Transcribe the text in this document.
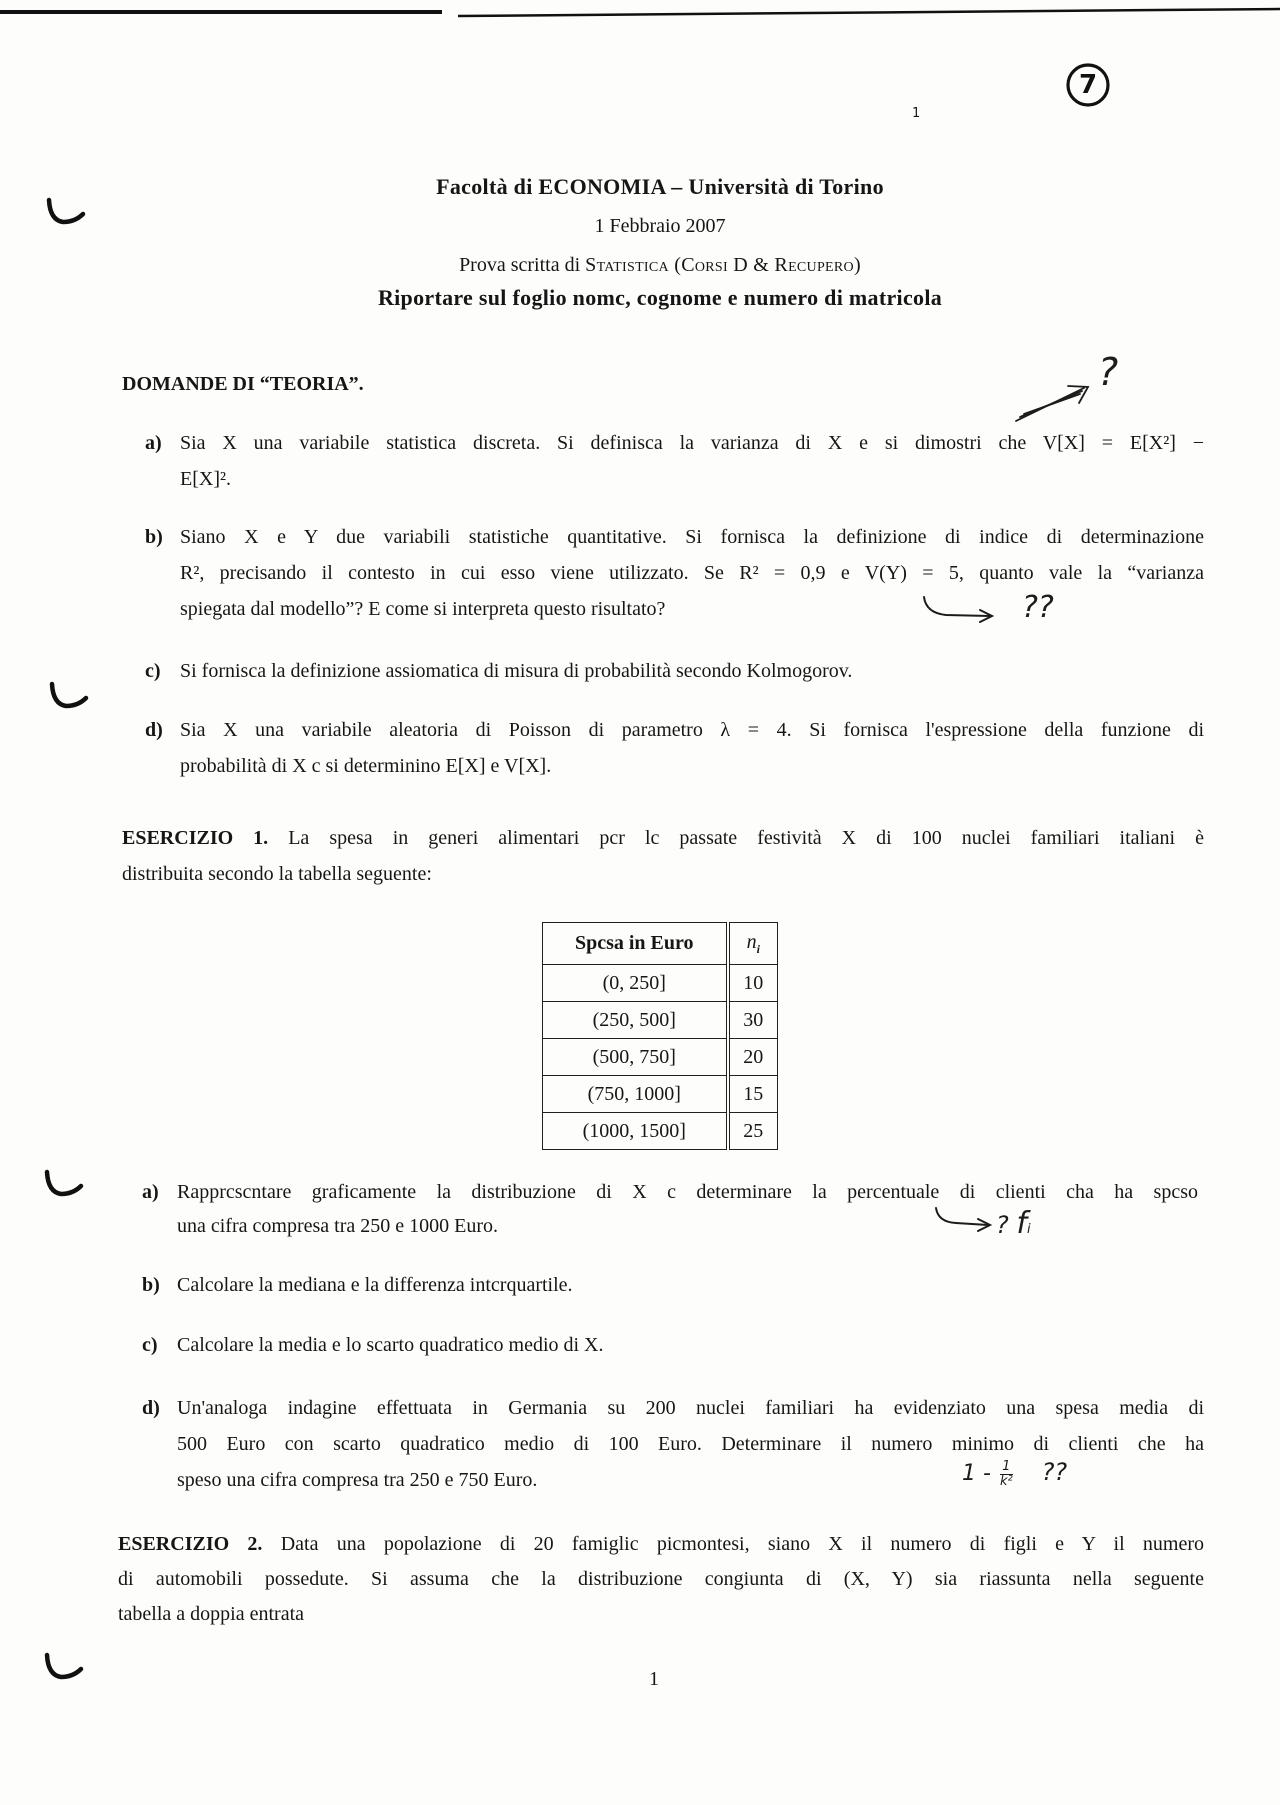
7
1
Facoltà di ECONOMIA – Università di Torino
1 Febbraio 2007
Prova scritta di Statistica (Corsi D & Recupero)
Riportare sul foglio nomc, cognome e numero di matricola
DOMANDE DI “TEORIA”.	?
a) Sia X una variabile statistica discreta. Si definisca la varianza di X e si dimostri che V[X] = E[X²] −
E[X]².
b) Siano X e Y due variabili statistiche quantitative. Si fornisca la definizione di indice di determinazione
R², precisando il contesto in cui esso viene utilizzato. Se R² = 0,9 e V(Y) = 5, quanto vale la “varianza
spiegata dal modello”? E come si interpreta questo risultato?	??
c) Si fornisca la definizione assiomatica di misura di probabilità secondo Kolmogorov.
d) Sia X una variabile aleatoria di Poisson di parametro λ = 4. Si fornisca l'espressione della funzione di
probabilità di X c si determinino E[X] e V[X].
ESERCIZIO 1. La spesa in generi alimentari pcr lc passate festività X di 100 nuclei familiari italiani è
distribuita secondo la tabella seguente:
Spcsa in Euro	$n_i$
(0, 250]	10
(250, 500]	30
(500, 750]	20
(750, 1000]	15
(1000, 1500]	25
a) Rapprcscntare graficamente la distribuzione di X c determinare la percentuale di clienti cha ha spcso
una cifra compresa tra 250 e 1000 Euro.	? fi
b) Calcolare la mediana e la differenza intcrquartile.
c) Calcolare la media e lo scarto quadratico medio di X.
d) Un'analoga indagine effettuata in Germania su 200 nuclei familiari ha evidenziato una spesa media di
500 Euro con scarto quadratico medio di 100 Euro. Determinare il numero minimo di clienti che ha
speso una cifra compresa tra 250 e 750 Euro.	$1 - \frac{1}{\text{k²}}$ ??
ESERCIZIO 2. Data una popolazione di 20 famiglic picmontesi, siano X il numero di figli e Y il numero
di automobili possedute. Si assuma che la distribuzione congiunta di (X, Y) sia riassunta nella seguente
tabella a doppia entrata
1
